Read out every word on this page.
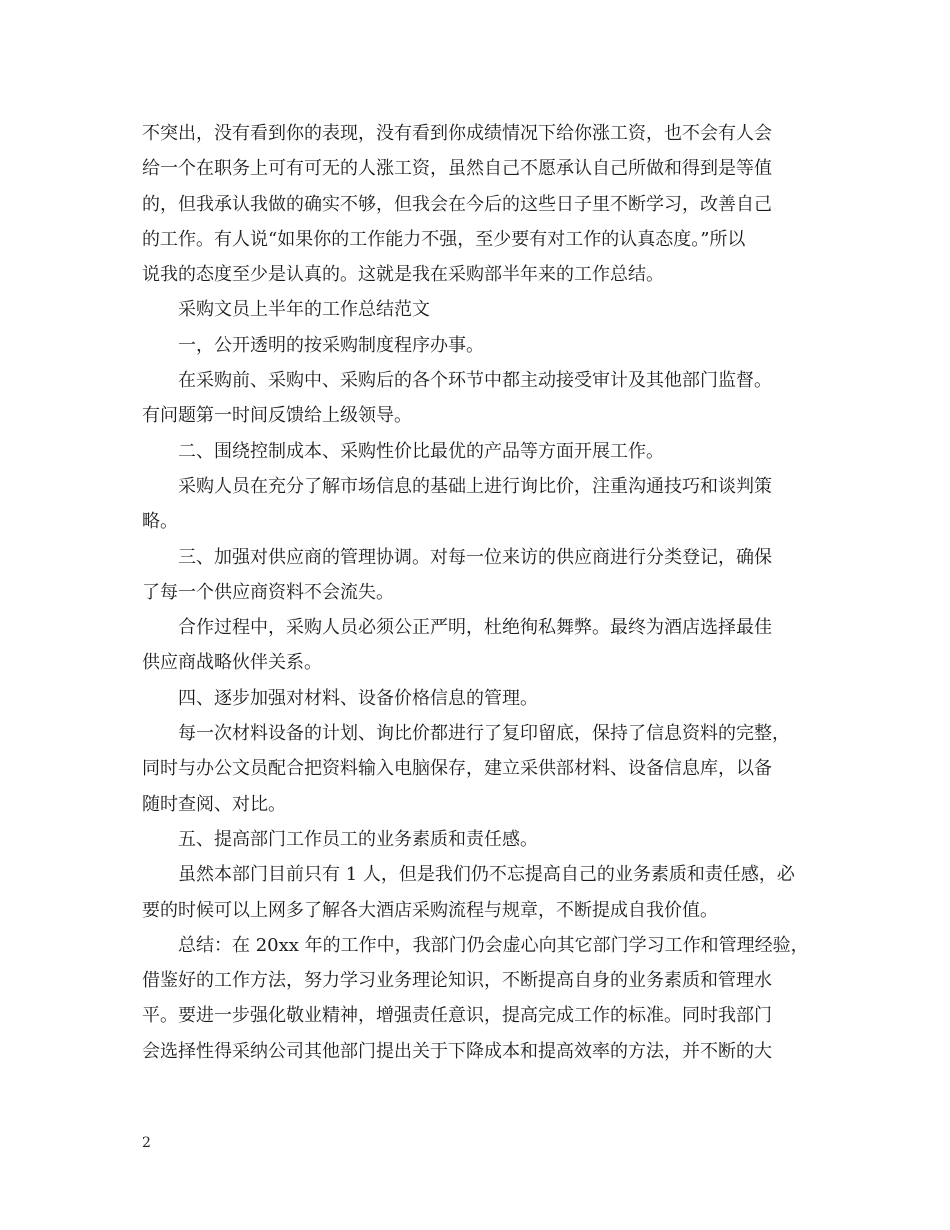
不突出，没有看到你的表现，没有看到你成绩情况下给你涨工资，也不会有人会
给一个在职务上可有可无的人涨工资，虽然自己不愿承认自己所做和得到是等值
的，但我承认我做的确实不够，但我会在今后的这些日子里不断学习，改善自己
的工作。有人说“如果你的工作能力不强，至少要有对工作的认真态度。”所以
说我的态度至少是认真的。这就是我在采购部半年来的工作总结。
采购文员上半年的工作总结范文
一，公开透明的按采购制度程序办事。
在采购前、采购中、采购后的各个环节中都主动接受审计及其他部门监督。
有问题第一时间反馈给上级领导。
二、围绕控制成本、采购性价比最优的产品等方面开展工作。
采购人员在充分了解市场信息的基础上进行询比价，注重沟通技巧和谈判策
略。
三、加强对供应商的管理协调。对每一位来访的供应商进行分类登记，确保
了每一个供应商资料不会流失。
合作过程中，采购人员必须公正严明，杜绝徇私舞弊。最终为酒店选择最佳
供应商战略伙伴关系。
四、逐步加强对材料、设备价格信息的管理。
每一次材料设备的计划、询比价都进行了复印留底，保持了信息资料的完整，
同时与办公文员配合把资料输入电脑保存，建立采供部材料、设备信息库，以备
随时查阅、对比。
五、提高部门工作员工的业务素质和责任感。
虽然本部门目前只有 1 人，但是我们仍不忘提高自己的业务素质和责任感，必
要的时候可以上网多了解各大酒店采购流程与规章，不断提成自我价值。
总结：在 20xx 年的工作中，我部门仍会虚心向其它部门学习工作和管理经验，
借鉴好的工作方法，努力学习业务理论知识，不断提高自身的业务素质和管理水
平。要进一步强化敬业精神，增强责任意识，提高完成工作的标准。同时我部门
会选择性得采纳公司其他部门提出关于下降成本和提高效率的方法，并不断的大
2
